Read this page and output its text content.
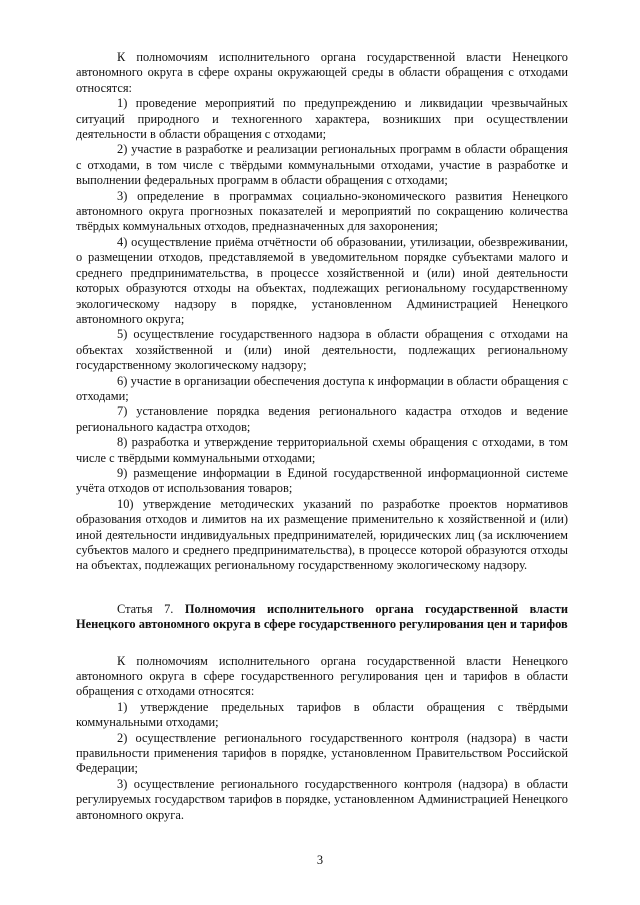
К полномочиям исполнительного органа государственной власти Ненецкого автономного округа в сфере охраны окружающей среды в области обращения с отходами относятся:

1) проведение мероприятий по предупреждению и ликвидации чрезвычайных ситуаций природного и техногенного характера, возникших при осуществлении деятельности в области обращения с отходами;

2) участие в разработке и реализации региональных программ в области обращения с отходами, в том числе с твёрдыми коммунальными отходами, участие в разработке и выполнении федеральных программ в области обращения с отходами;

3) определение в программах социально-экономического развития Ненецкого автономного округа прогнозных показателей и мероприятий по сокращению количества твёрдых коммунальных отходов, предназначенных для захоронения;

4) осуществление приёма отчётности об образовании, утилизации, обезвреживании, о размещении отходов, представляемой в уведомительном порядке субъектами малого и среднего предпринимательства, в процессе хозяйственной и (или) иной деятельности которых образуются отходы на объектах, подлежащих региональному государственному экологическому надзору в порядке, установленном Администрацией Ненецкого автономного округа;

5) осуществление государственного надзора в области обращения с отходами на объектах хозяйственной и (или) иной деятельности, подлежащих региональному государственному экологическому надзору;

6) участие в организации обеспечения доступа к информации в области обращения с отходами;

7) установление порядка ведения регионального кадастра отходов и ведение регионального кадастра отходов;

8) разработка и утверждение территориальной схемы обращения с отходами, в том числе с твёрдыми коммунальными отходами;

9) размещение информации в Единой государственной информационной системе учёта отходов от использования товаров;

10) утверждение методических указаний по разработке проектов нормативов образования отходов и лимитов на их размещение применительно к хозяйственной и (или) иной деятельности индивидуальных предпринимателей, юридических лиц (за исключением субъектов малого и среднего предпринимательства), в процессе которой образуются отходы на объектах, подлежащих региональному государственному экологическому надзору.

Статья 7. Полномочия исполнительного органа государственной власти Ненецкого автономного округа в сфере государственного регулирования цен и тарифов

К полномочиям исполнительного органа государственной власти Ненецкого автономного округа в сфере государственного регулирования цен и тарифов в области обращения с отходами относятся:

1) утверждение предельных тарифов в области обращения с твёрдыми коммунальными отходами;

2) осуществление регионального государственного контроля (надзора) в части правильности применения тарифов в порядке, установленном Правительством Российской Федерации;

3) осуществление регионального государственного контроля (надзора) в области регулируемых государством тарифов в порядке, установленном Администрацией Ненецкого автономного округа.

3
